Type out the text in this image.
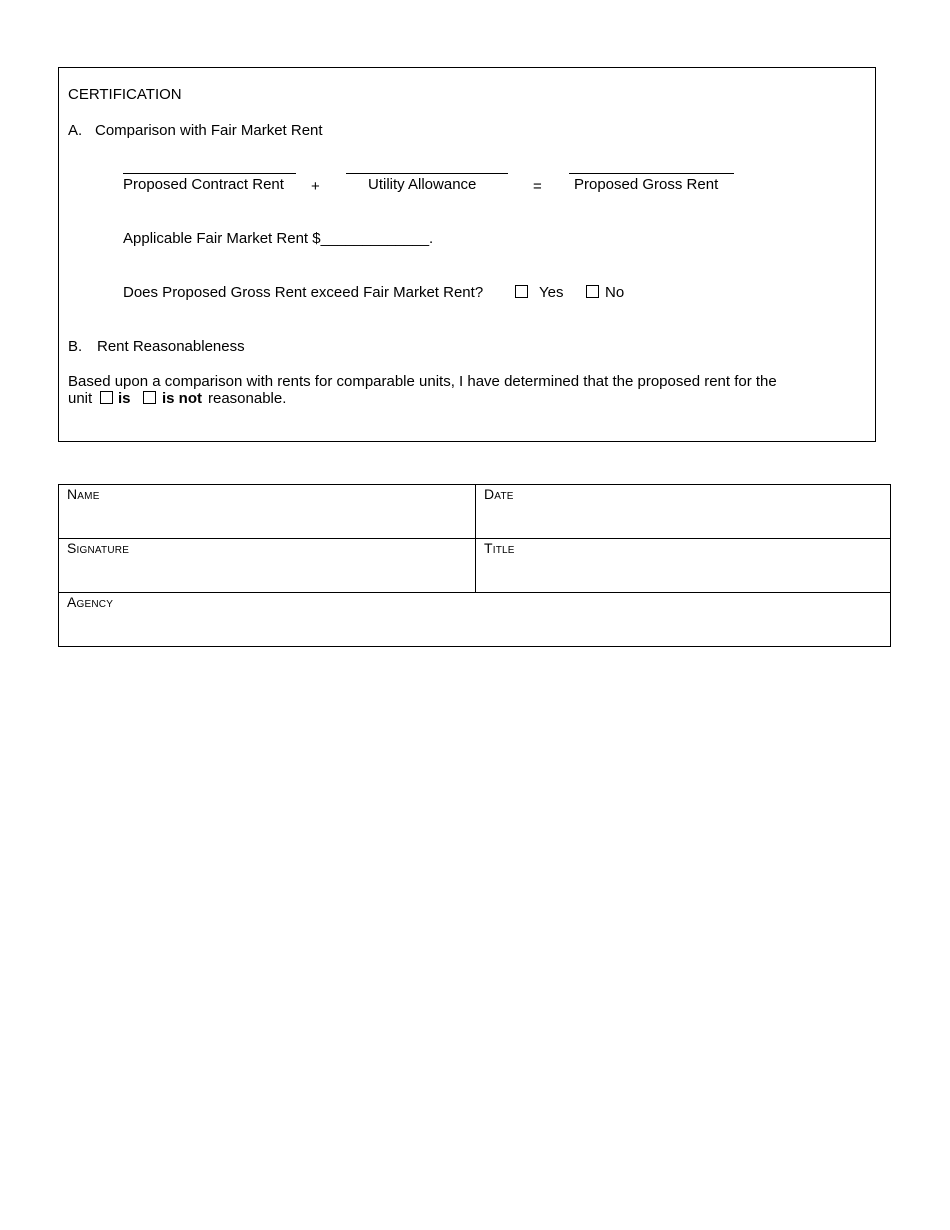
CERTIFICATION
A. Comparison with Fair Market Rent
Proposed Contract Rent +	Utility Allowance	= Proposed Gross Rent
Applicable Fair Market Rent $_____________.
Does Proposed Gross Rent exceed Fair Market Rent?	Yes	No
B. Rent Reasonableness
Based upon a comparison with rents for comparable units, I have determined that the proposed rent for the
unit is is not reasonable.
Name	Date
Signature	Title
Agency
